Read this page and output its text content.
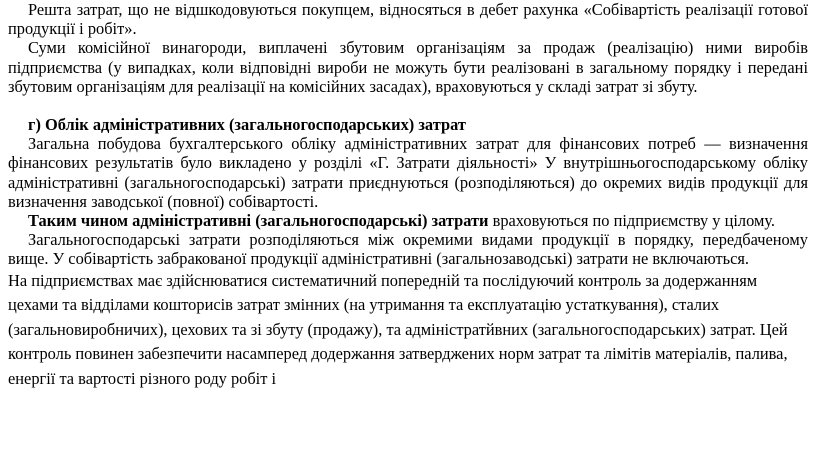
Решта затрат, що не відшкодовуються покупцем, відносяться в дебет рахунка «Собівартість реалізації готової продукції і робіт».

Суми комісійної винагороди, виплачені збутовим організаціям за продаж (реалізацію) ними виробів підприємства (у випадках, коли відповідні вироби не можуть бути реалізовані в загальному порядку і передані збутовим організаціям для реалізації на комісійних засадах), враховуються у складі затрат зі збуту.

г) Облік адміністративних (загальногосподарських) затрат

Загальна побудова бухгалтерського обліку адміністративних затрат для фінансових потреб — визначення фінансових результатів було викладено у розділі «Г. Затрати діяльності» У внутрішньогосподарському обліку адміністративні (загальногосподарські) затрати приєднуються (розподіляються) до окремих видів продукції для визначення заводської (повної) собівартості.

Таким чином адміністративні (загальногосподарські) затрати враховуються по підприємству у цілому.

Загальногосподарські затрати розподіляються між окремими видами продукції в порядку, передбаченому вище. У собівартість забракованої продукції адміністративні (загальнозаводські) затрати не включаються.

На підприємствах має здійснюватися систематичний попередній та послідуючий контроль за додержанням цехами та відділами кошторисів затрат змінних (на утримання та експлуатацію устаткування), сталих (загальновиробничих), цехових та зі збуту (продажу), та адміністратйвних (загальногосподарських) затрат. Цей контроль повинен забезпечити насамперед додержання затверджених норм затрат та лімітів матеріалів, палива, енергії та вартості різного роду робіт і
